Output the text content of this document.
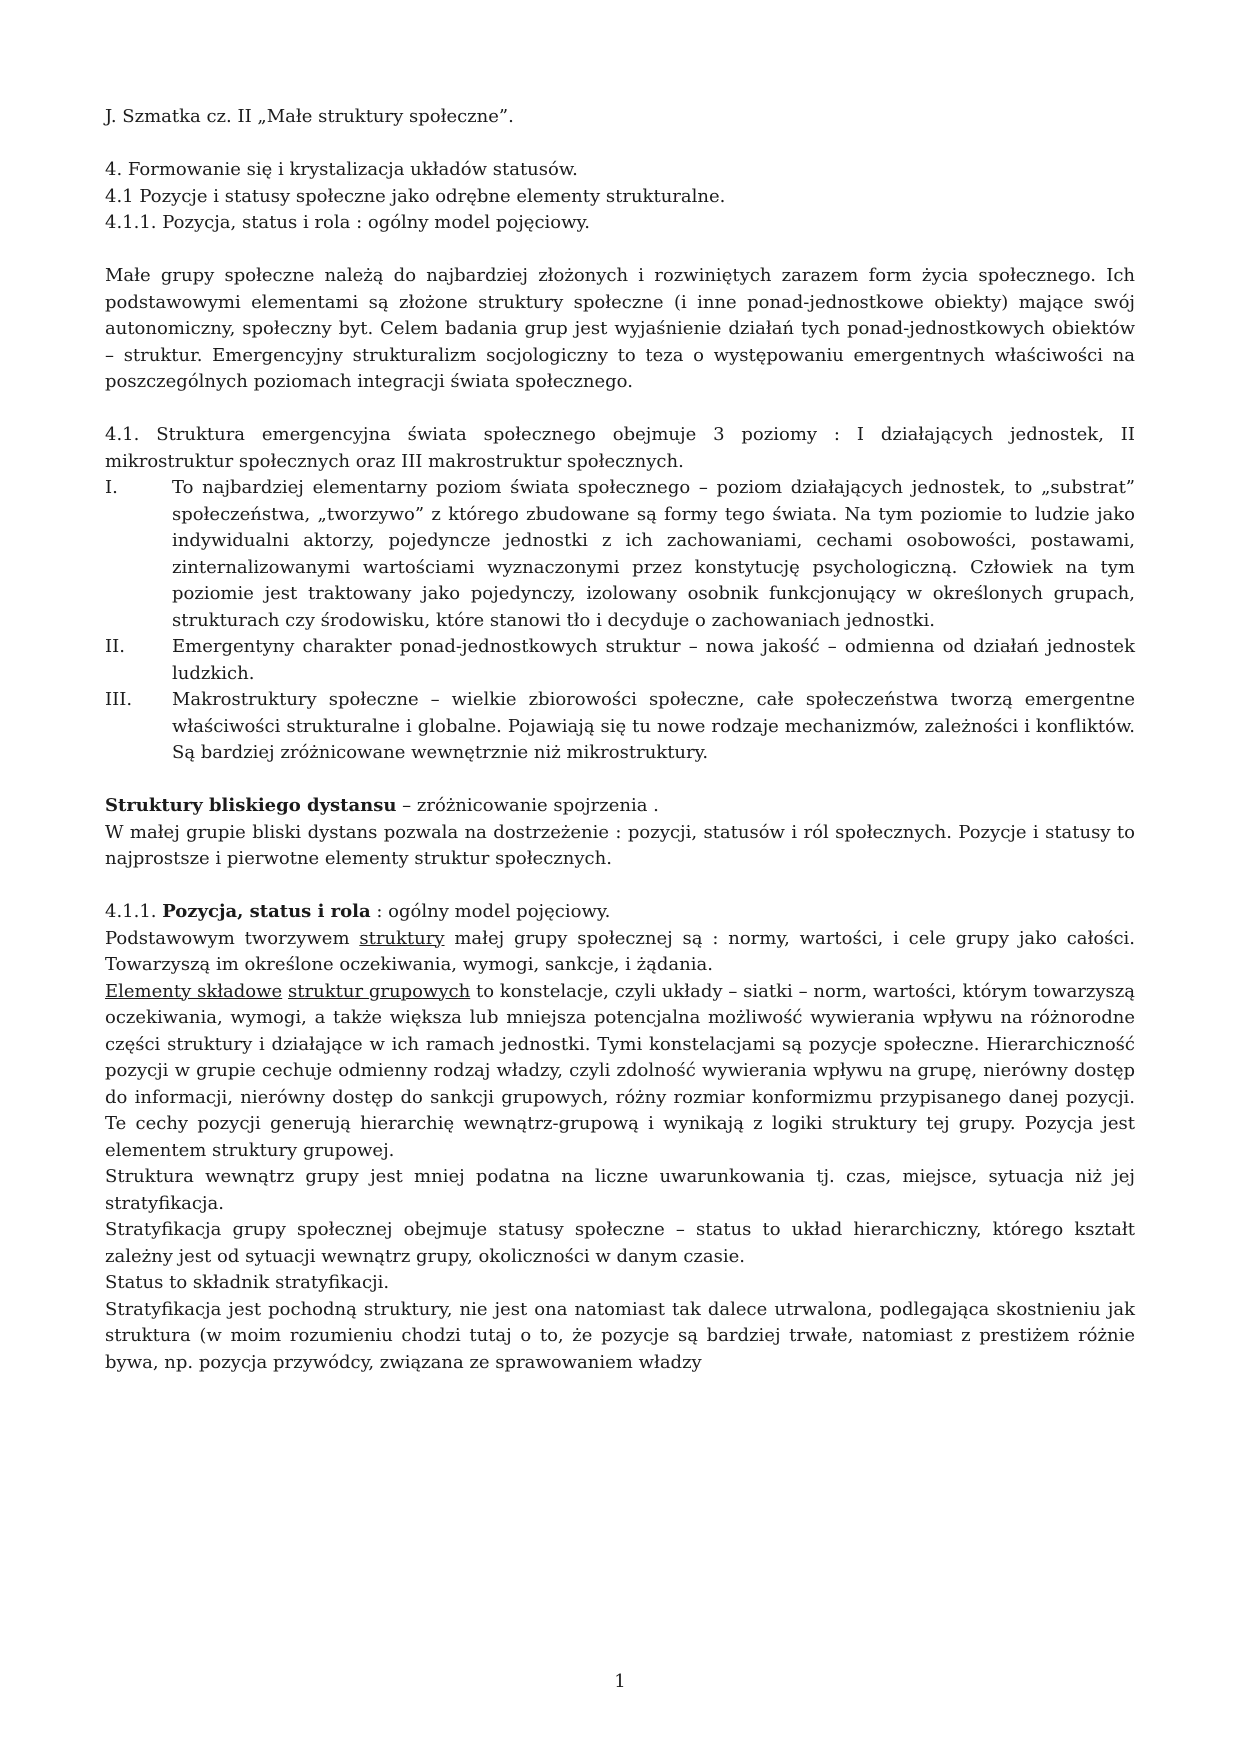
J. Szmatka cz. II „Małe struktury społeczne”.

4. Formowanie się i krystalizacja układów statusów.

4.1 Pozycje i statusy społeczne jako odrębne elementy strukturalne.

4.1.1. Pozycja, status i rola : ogólny model pojęciowy.

Małe grupy społeczne należą do najbardziej złożonych i rozwiniętych zarazem form życia społecznego. Ich podstawowymi elementami są złożone struktury społeczne (i inne ponad-jednostkowe obiekty) mające swój autonomiczny, społeczny byt. Celem badania grup jest wyjaśnienie działań tych ponad-jednostkowych obiektów – struktur. Emergencyjny strukturalizm socjologiczny to teza o występowaniu emergentnych właściwości na poszczególnych poziomach integracji świata społecznego.

4.1. Struktura emergencyjna świata społecznego obejmuje 3 poziomy : I działających jednostek, II mikrostruktur społecznych oraz III makrostruktur społecznych.

I.	To najbardziej elementarny poziom świata społecznego – poziom działających jednostek, to „substrat” społeczeństwa, „tworzywo” z którego zbudowane są formy tego świata. Na tym poziomie to ludzie jako indywidualni aktorzy, pojedyncze jednostki z ich zachowaniami, cechami osobowości, postawami, zinternalizowanymi wartościami wyznaczonymi przez konstytucję psychologiczną. Człowiek na tym poziomie jest traktowany jako pojedynczy, izolowany osobnik funkcjonujący w określonych grupach, strukturach czy środowisku, które stanowi tło i decyduje o zachowaniach jednostki.
II.	Emergentyny charakter ponad-jednostkowych struktur – nowa jakość – odmienna od działań jednostek ludzkich.
III. Makrostruktury społeczne – wielkie zbiorowości społeczne, całe społeczeństwa tworzą emergentne właściwości strukturalne i globalne. Pojawiają się tu nowe rodzaje mechanizmów, zależności i konfliktów. Są bardziej zróżnicowane wewnętrznie niż mikrostruktury.

Struktury bliskiego dystansu – zróżnicowanie spojrzenia .

W małej grupie bliski dystans pozwala na dostrzeżenie : pozycji, statusów i ról społecznych. Pozycje i statusy to najprostsze i pierwotne elementy struktur społecznych.

4.1.1. Pozycja, status i rola : ogólny model pojęciowy.

Podstawowym tworzywem struktury małej grupy społecznej są : normy, wartości, i cele grupy jako całości. Towarzyszą im określone oczekiwania, wymogi, sankcje, i żądania.

Elementy składowe struktur grupowych to konstelacje, czyli układy – siatki – norm, wartości, którym towarzyszą oczekiwania, wymogi, a także większa lub mniejsza potencjalna możliwość wywierania wpływu na różnorodne części struktury i działające w ich ramach jednostki. Tymi konstelacjami są pozycje społeczne. Hierarchiczność pozycji w grupie cechuje odmienny rodzaj władzy, czyli zdolność wywierania wpływu na grupę, nierówny dostęp do informacji, nierówny dostęp do sankcji grupowych, różny rozmiar konformizmu przypisanego danej pozycji. Te cechy pozycji generują hierarchię wewnątrz-grupową i wynikają z logiki struktury tej grupy. Pozycja jest elementem struktury grupowej.

Struktura wewnątrz grupy jest mniej podatna na liczne uwarunkowania tj. czas, miejsce, sytuacja niż jej stratyfikacja.

Stratyfikacja grupy społecznej obejmuje statusy społeczne – status to układ hierarchiczny, którego kształt zależny jest od sytuacji wewnątrz grupy, okoliczności w danym czasie.

Status to składnik stratyfikacji.

Stratyfikacja jest pochodną struktury, nie jest ona natomiast tak dalece utrwalona, podlegająca skostnieniu jak struktura (w moim rozumieniu chodzi tutaj o to, że pozycje są bardziej trwałe, natomiast z prestiżem różnie bywa, np. pozycja przywódcy, związana ze sprawowaniem władzy

1
